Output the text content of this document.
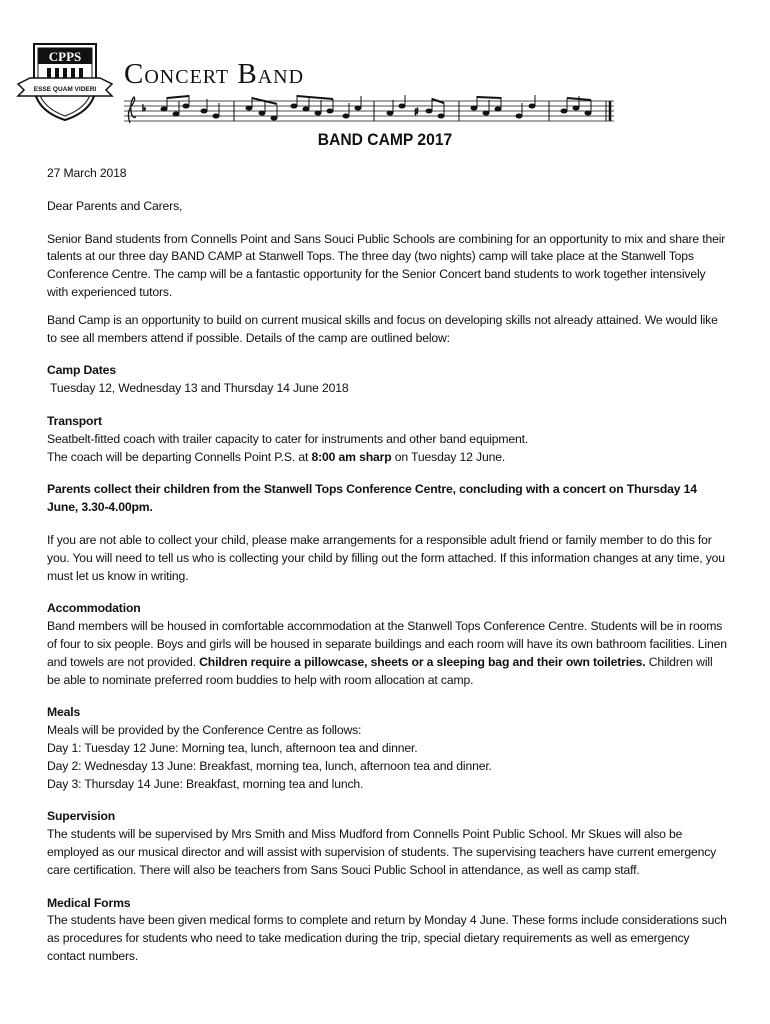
CPPS
ESSE QUAM VIDERI Concert Band
♭	♯
BAND CAMP 2017

27 March 2018

Dear Parents and Carers,

Senior Band students from Connells Point and Sans Souci Public Schools are combining for an opportunity to mix and share their talents at our three day BAND CAMP at Stanwell Tops. The three day (two nights) camp will take place at the Stanwell Tops Conference Centre. The camp will be a fantastic opportunity for the Senior Concert band students to work together intensively with experienced tutors.

Band Camp is an opportunity to build on current musical skills and focus on developing skills not already attained. We would like to see all members attend if possible. Details of the camp are outlined below:

Camp Dates

Tuesday 12, Wednesday 13 and Thursday 14 June 2018

Transport

Seatbelt-fitted coach with trailer capacity to cater for instruments and other band equipment.

The coach will be departing Connells Point P.S. at 8:00 am sharp on Tuesday 12 June.

Parents collect their children from the Stanwell Tops Conference Centre, concluding with a concert on Thursday 14 June, 3.30-4.00pm.

If you are not able to collect your child, please make arrangements for a responsible adult friend or family member to do this for you. You will need to tell us who is collecting your child by filling out the form attached. If this information changes at any time, you must let us know in writing.

Accommodation

Band members will be housed in comfortable accommodation at the Stanwell Tops Conference Centre. Students will be in rooms of four to six people. Boys and girls will be housed in separate buildings and each room will have its own bathroom facilities. Linen and towels are not provided. Children require a pillowcase, sheets or a sleeping bag and their own toiletries. Children will be able to nominate preferred room buddies to help with room allocation at camp.

Meals

Meals will be provided by the Conference Centre as follows:

Day 1: Tuesday 12 June: Morning tea, lunch, afternoon tea and dinner.

Day 2: Wednesday 13 June: Breakfast, morning tea, lunch, afternoon tea and dinner.

Day 3: Thursday 14 June: Breakfast, morning tea and lunch.

Supervision

The students will be supervised by Mrs Smith and Miss Mudford from Connells Point Public School. Mr Skues will also be employed as our musical director and will assist with supervision of students. The supervising teachers have current emergency care certification. There will also be teachers from Sans Souci Public School in attendance, as well as camp staff.

Medical Forms

The students have been given medical forms to complete and return by Monday 4 June. These forms include considerations such as procedures for students who need to take medication during the trip, special dietary requirements as well as emergency contact numbers.
